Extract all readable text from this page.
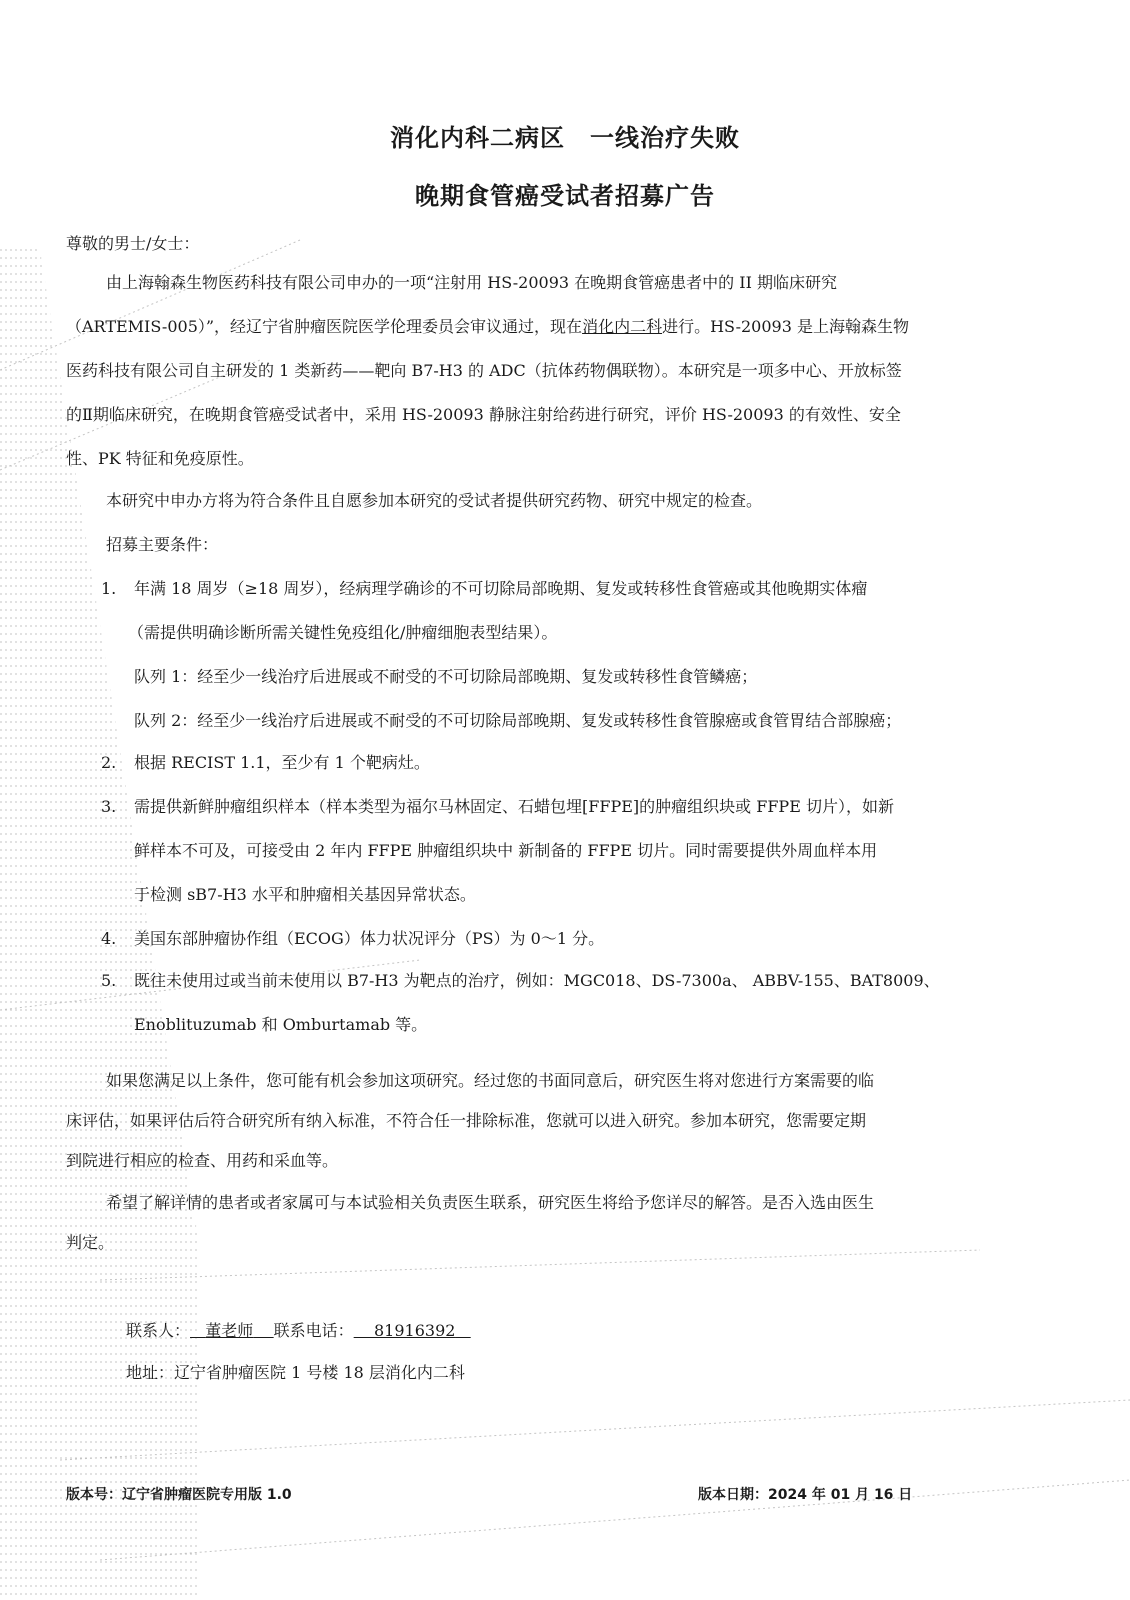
消化内科二病区　一线治疗失败
晚期食管癌受试者招募广告
尊敬的男士/女士：
由上海翰森生物医药科技有限公司申办的一项“注射用 HS-20093 在晚期食管癌患者中的 II 期临床研究
（ARTEMIS-005）”，经辽宁省肿瘤医院医学伦理委员会审议通过，现在消化内二科进行。HS-20093 是上海翰森生物
医药科技有限公司自主研发的 1 类新药——靶向 B7-H3 的 ADC（抗体药物偶联物）。本研究是一项多中心、开放标签
的Ⅱ期临床研究，在晚期食管癌受试者中，采用 HS-20093 静脉注射给药进行研究，评价 HS-20093 的有效性、安全
性、PK 特征和免疫原性。
本研究中申办方将为符合条件且自愿参加本研究的受试者提供研究药物、研究中规定的检查。
招募主要条件：
1. 年满 18 周岁（≥18 周岁），经病理学确诊的不可切除局部晚期、复发或转移性食管癌或其他晚期实体瘤
（需提供明确诊断所需关键性免疫组化/肿瘤细胞表型结果）。
队列 1：经至少一线治疗后进展或不耐受的不可切除局部晚期、复发或转移性食管鳞癌；
队列 2：经至少一线治疗后进展或不耐受的不可切除局部晚期、复发或转移性食管腺癌或食管胃结合部腺癌；
2. 根据 RECIST 1.1，至少有 1 个靶病灶。
3. 需提供新鲜肿瘤组织样本（样本类型为福尔马林固定、石蜡包埋[FFPE]的肿瘤组织块或 FFPE 切片），如新
鲜样本不可及，可接受由 2 年内 FFPE 肿瘤组织块中 新制备的 FFPE 切片。同时需要提供外周血样本用
于检测 sB7-H3 水平和肿瘤相关基因异常状态。
4. 美国东部肿瘤协作组（ECOG）体力状况评分（PS）为 0～1 分。
5. 既往未使用过或当前未使用以 B7-H3 为靶点的治疗，例如：MGC018、DS-7300a、 ABBV-155、BAT8009、
Enoblituzumab 和 Omburtamab 等。
如果您满足以上条件，您可能有机会参加这项研究。经过您的书面同意后，研究医生将对您进行方案需要的临
床评估，如果评估后符合研究所有纳入标准，不符合任一排除标准，您就可以进入研究。参加本研究，您需要定期
到院进行相应的检查、用药和采血等。
希望了解详情的患者或者家属可与本试验相关负责医生联系，研究医生将给予您详尽的解答。是否入选由医生
判定。
联系人： 董老师 联系电话： 81916392
地址：辽宁省肿瘤医院 1 号楼 18 层消化内二科
版本号：辽宁省肿瘤医院专用版 1.0	版本日期：2024 年 01 月 16 日
